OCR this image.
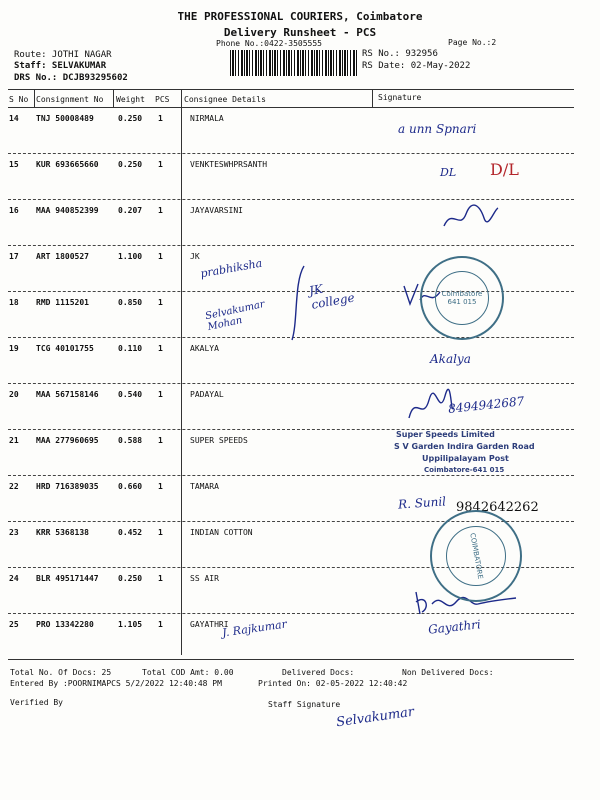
THE PROFESSIONAL COURIERS, Coimbatore
Delivery Runsheet - PCS
Phone No.:0422-3505555	Page No.:2
Route: JOTHI NAGAR
Staff: SELVAKUMAR
DRS No.: DCJB93295602
RS No.: 932956
RS Date: 02-May-2022
S No Consignment No Weight PCS Consignee Details	Signature
14 TNJ 50008489	0.250 1	NIRMALA
15 KUR 693665660 0.250 1	VENKTESWHPRSANTH
16 MAA 940852399 0.207 1	JAYAVARSINI
17 ART 1800527	1.100 1	JK
18 RMD 1115201	0.850 1
19 TCG 40101755	0.110 1	AKALYA
20 MAA 567158146 0.540 1	PADAYAL
21 MAA 277960695 0.588 1	SUPER SPEEDS
22 HRD 716389035 0.660 1	TAMARA
23 KRR 5368138	0.452 1	INDIAN COTTON
24 BLR 495171447 0.250 1	SS AIR
25 PRO 13342280	1.105 1	GAYATHRI
a unn Spnari
DL D/L
prabhiksha
Selvakumar Mohan
JK college
Akalya
8494942687
R. Sunil 9842642262
J. Rajkumar	Gayathri
Selvakumar
Coimbatore
641 015
Super Speeds Limited
S V Garden Indira Garden Road
Uppilipalayam Post
Coimbatore-641 015
COIMBATORE
Total No. Of Docs: 25	Total COD Amt: 0.00	Delivered Docs:	Non Delivered Docs:
Entered By :POORNIMAPCS 5/2/2022 12:40:48 PM	Printed On: 02-05-2022 12:40:42
Verified By	Staff Signature
